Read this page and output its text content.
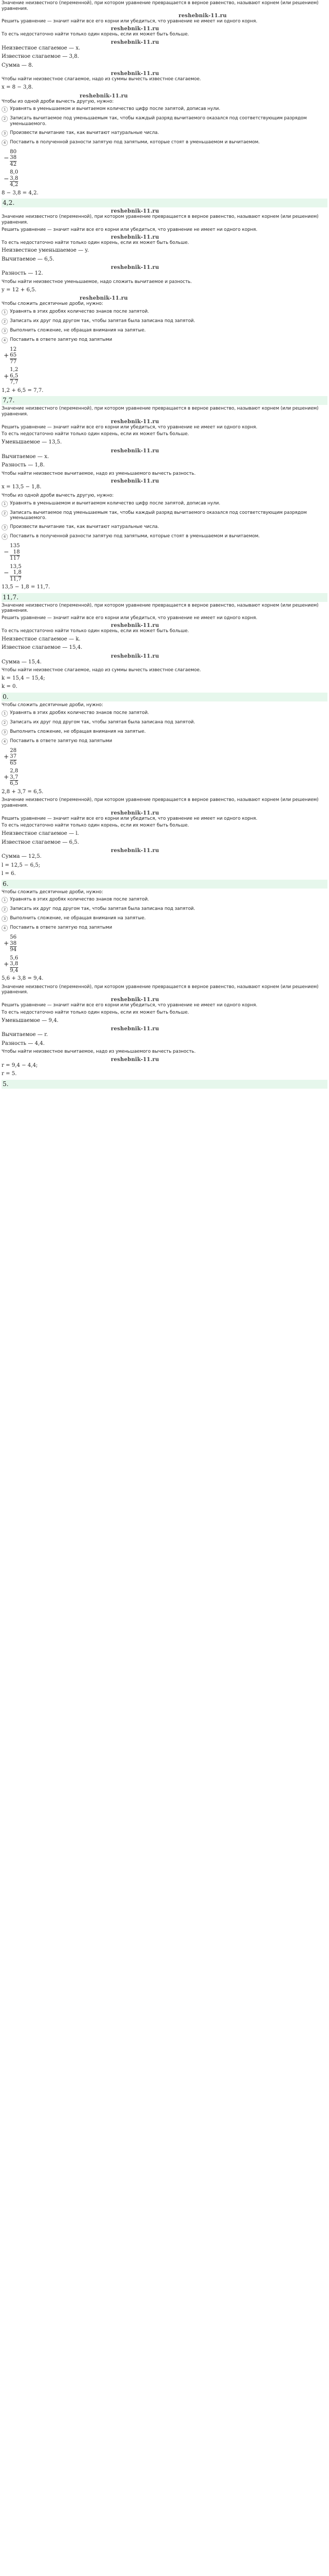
Значение неизвестного (переменной), при котором уравнение превращается в верное равенство, называют корнем (или решением) уравнения.

reshebnik-11.ru

Решить уравнение — значит найти все его корни или убедиться, что уравнение не имеет ни одного корня.

reshebnik-11.ru

То есть недостаточно найти только один корень, если их может быть больше.

reshebnik-11.ru

Неизвестное слагаемое — x.

Известное слагаемое — 3,8.

Сумма — 8.

reshebnik-11.ru

Чтобы найти неизвестное слагаемое, надо из суммы вычесть известное слагаемое.

x = 8 − 3,8.

reshebnik-11.ru

Чтобы из одной дроби вычесть другую, нужно:

1 Уравнять в уменьшаемом и вычитаемом количество цифр после запятой, дописав нули.
2 Записать вычитаемое под уменьшаемым так, чтобы каждый разряд вычитаемого оказался под соответствующим разрядом уменьшаемого.
3 Произвести вычитание так, как вычитают натуральные числа.
4 Поставить в полученной разности запятую под запятыми, которые стоят в уменьшаемом и вычитаемом.
−
80
38
42
−
8,0
3,8
4,2

8 − 3,8 = 4,2.

4,2.
reshebnik-11.ru

Значение неизвестного (переменной), при котором уравнение превращается в верное равенство, называют корнем (или решением) уравнения.

Решить уравнение — значит найти все его корни или убедиться, что уравнение не имеет ни одного корня.

reshebnik-11.ru

То есть недостаточно найти только один корень, если их может быть больше.

Неизвестное уменьшаемое — y.

Вычитаемое — 6,5.

reshebnik-11.ru

Разность — 12.

Чтобы найти неизвестное уменьшаемое, надо сложить вычитаемое и разность.

y = 12 + 6,5.

reshebnik-11.ru

Чтобы сложить десятичные дроби, нужно:

1 Уравнять в этих дробях количество знаков после запятой.
2 Записать их друг под другом так, чтобы запятая была записана под запятой.
3 Выполнить сложение, не обращая внимания на запятые.
4 Поставить в ответе запятую под запятыми
+
12
65
77
+
1,2
6,5
7,7

1,2 + 6,5 = 7,7.

7,7.

Значение неизвестного (переменной), при котором уравнение превращается в верное равенство, называют корнем (или решением) уравнения.

reshebnik-11.ru

Решить уравнение — значит найти все его корни или убедиться, что уравнение не имеет ни одного корня.

То есть недостаточно найти только один корень, если их может быть больше.

Уменьшаемое — 13,5.

reshebnik-11.ru

Вычитаемое — x.

Разность — 1,8.

Чтобы найти неизвестное вычитаемое, надо из уменьшаемого вычесть разность.

reshebnik-11.ru

x = 13,5 − 1,8.

Чтобы из одной дроби вычесть другую, нужно:

1 Уравнять в уменьшаемом и вычитаемом количество цифр после запятой, дописав нули.
2 Записать вычитаемое под уменьшаемым так, чтобы каждый разряд вычитаемого оказался под соответствующим разрядом уменьшаемого.
3 Произвести вычитание так, как вычитают натуральные числа.
4 Поставить в полученной разности запятую под запятыми, которые стоят в уменьшаемом и вычитаемом.
−
135
18
117
−
13,5
1,8
11,7

13,5 − 1,8 = 11,7.

11,7.

Значение неизвестного (переменной), при котором уравнение превращается в верное равенство, называют корнем (или решением) уравнения.

Решить уравнение — значит найти все его корни или убедиться, что уравнение не имеет ни одного корня.

reshebnik-11.ru

То есть недостаточно найти только один корень, если их может быть больше.

Неизвестное слагаемое — k.

Известное слагаемое — 15,4.

reshebnik-11.ru

Сумма — 15,4.

Чтобы найти неизвестное слагаемое, надо из суммы вычесть известное слагаемое.

k = 15,4 − 15,4;

k = 0.

0.

Чтобы сложить десятичные дроби, нужно:

1 Уравнять в этих дробях количество знаков после запятой.
2 Записать их друг под другом так, чтобы запятая была записана под запятой.
3 Выполнить сложение, не обращая внимания на запятые.
4 Поставить в ответе запятую под запятыми
+
28
37
65
+
2,8
3,7
6,5

2,8 + 3,7 = 6,5.

Значение неизвестного (переменной), при котором уравнение превращается в верное равенство, называют корнем (или решением) уравнения.

reshebnik-11.ru

Решить уравнение — значит найти все его корни или убедиться, что уравнение не имеет ни одного корня.

То есть недостаточно найти только один корень, если их может быть больше.

Неизвестное слагаемое — l.

Известное слагаемое — 6,5.

reshebnik-11.ru

Сумма — 12,5.

l = 12,5 − 6,5;

l = 6.

6.

Чтобы сложить десятичные дроби, нужно:

1 Уравнять в этих дробях количество знаков после запятой.
2 Записать их друг под другом так, чтобы запятая была записана под запятой.
3 Выполнить сложение, не обращая внимания на запятые.
4 Поставить в ответе запятую под запятыми
+
56
38
94
+
5,6
3,8
9,4

5,6 + 3,8 = 9,4.

Значение неизвестного (переменной), при котором уравнение превращается в верное равенство, называют корнем (или решением) уравнения.

reshebnik-11.ru

Решить уравнение — значит найти все его корни или убедиться, что уравнение не имеет ни одного корня.

То есть недостаточно найти только один корень, если их может быть больше.

Уменьшаемое — 9,4.

reshebnik-11.ru

Вычитаемое — r.

Разность — 4,4.

Чтобы найти неизвестное вычитаемое, надо из уменьшаемого вычесть разность.

reshebnik-11.ru

r = 9,4 − 4,4;

r = 5.

5.
